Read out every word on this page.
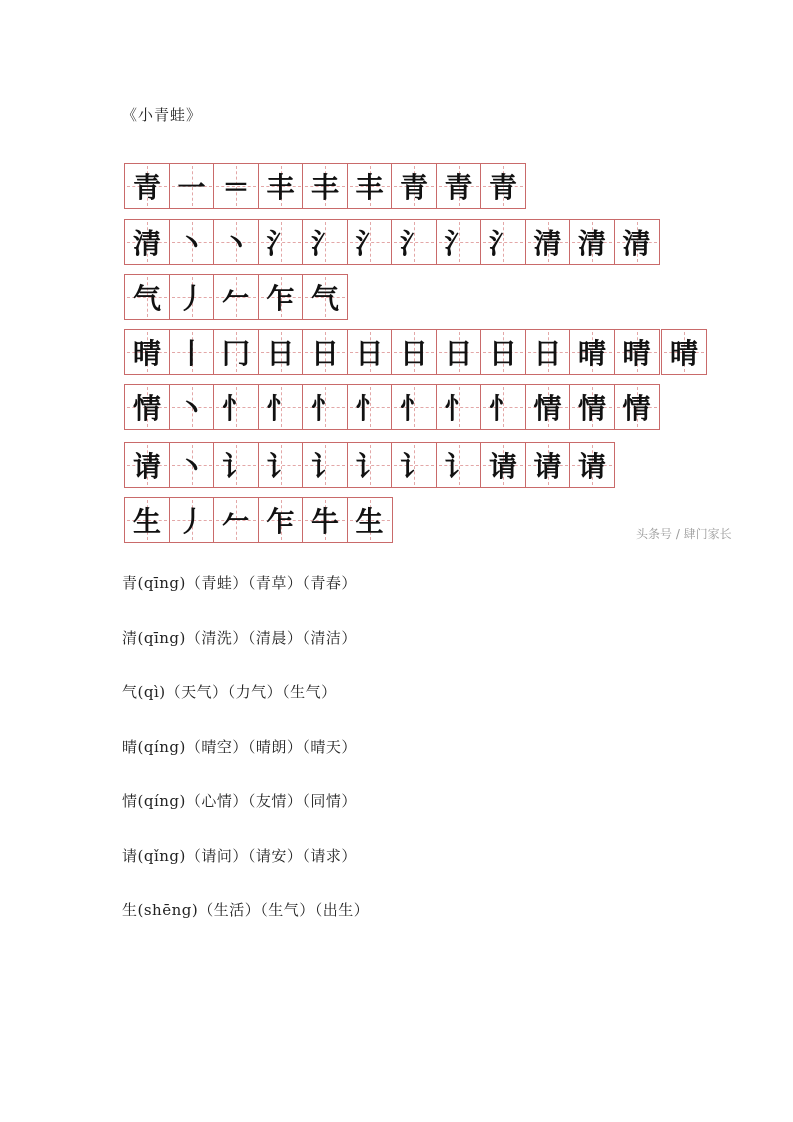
《小青蛙》
青 一 ＝ 丰 丰 丰 青 青 青
清 丶 丶 氵 氵 氵 氵 氵 氵 清 清 清
气 丿 𠂉 乍 气
晴 丨 冂 日 日 日 日 日 日 日 晴 晴 晴
情 丶 忄 忄 忄 忄 忄 忄 忄 情 情 情
请 丶 讠 讠 讠 讠 讠 讠 请 请 请
生 丿 𠂉 乍 牛 生	头条号 / 肆门家长
青(qīng)（青蛙）（青草）（青春）
清(qīng)（清洗）（清晨）（清洁）
气(qì)（天气）（力气）（生气）
晴(qíng)（晴空）（晴朗）（晴天）
情(qíng)（心情）（友情）（同情）
请(qǐng)（请问）（请安）（请求）
生(shēng)（生活）（生气）（出生）
